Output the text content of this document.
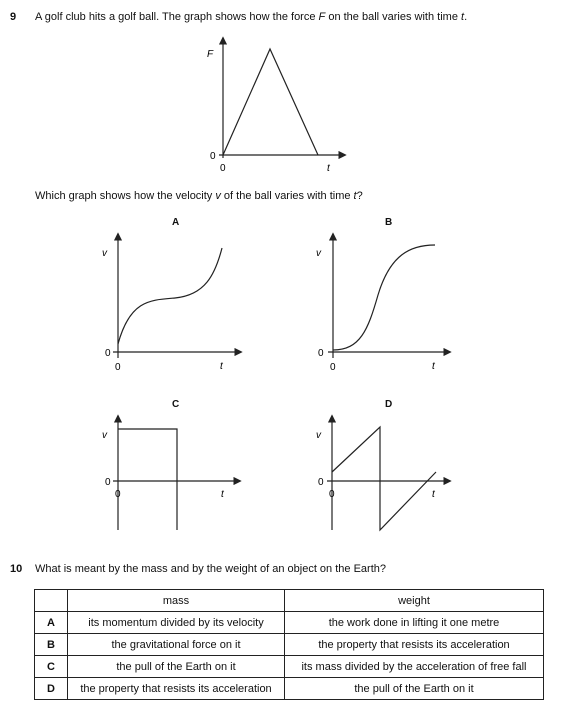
9 A golf club hits a golf ball. The graph shows how the force F on the ball varies with time t.
F
t
0
0
v
t
0
0
v
t
0
0
v
t
0
0
v
t
0
0
Which graph shows how the velocity v of the ball varies with time t?
A	B
C	D
10 What is meant by the mass and by the weight of an object on the Earth?
	mass	weight
A	its momentum divided by its velocity	the work done in lifting it one metre
B	the gravitational force on it	the property that resists its acceleration
C	the pull of the Earth on it	its mass divided by the acceleration of free fall
D	the property that resists its acceleration	the pull of the Earth on it
